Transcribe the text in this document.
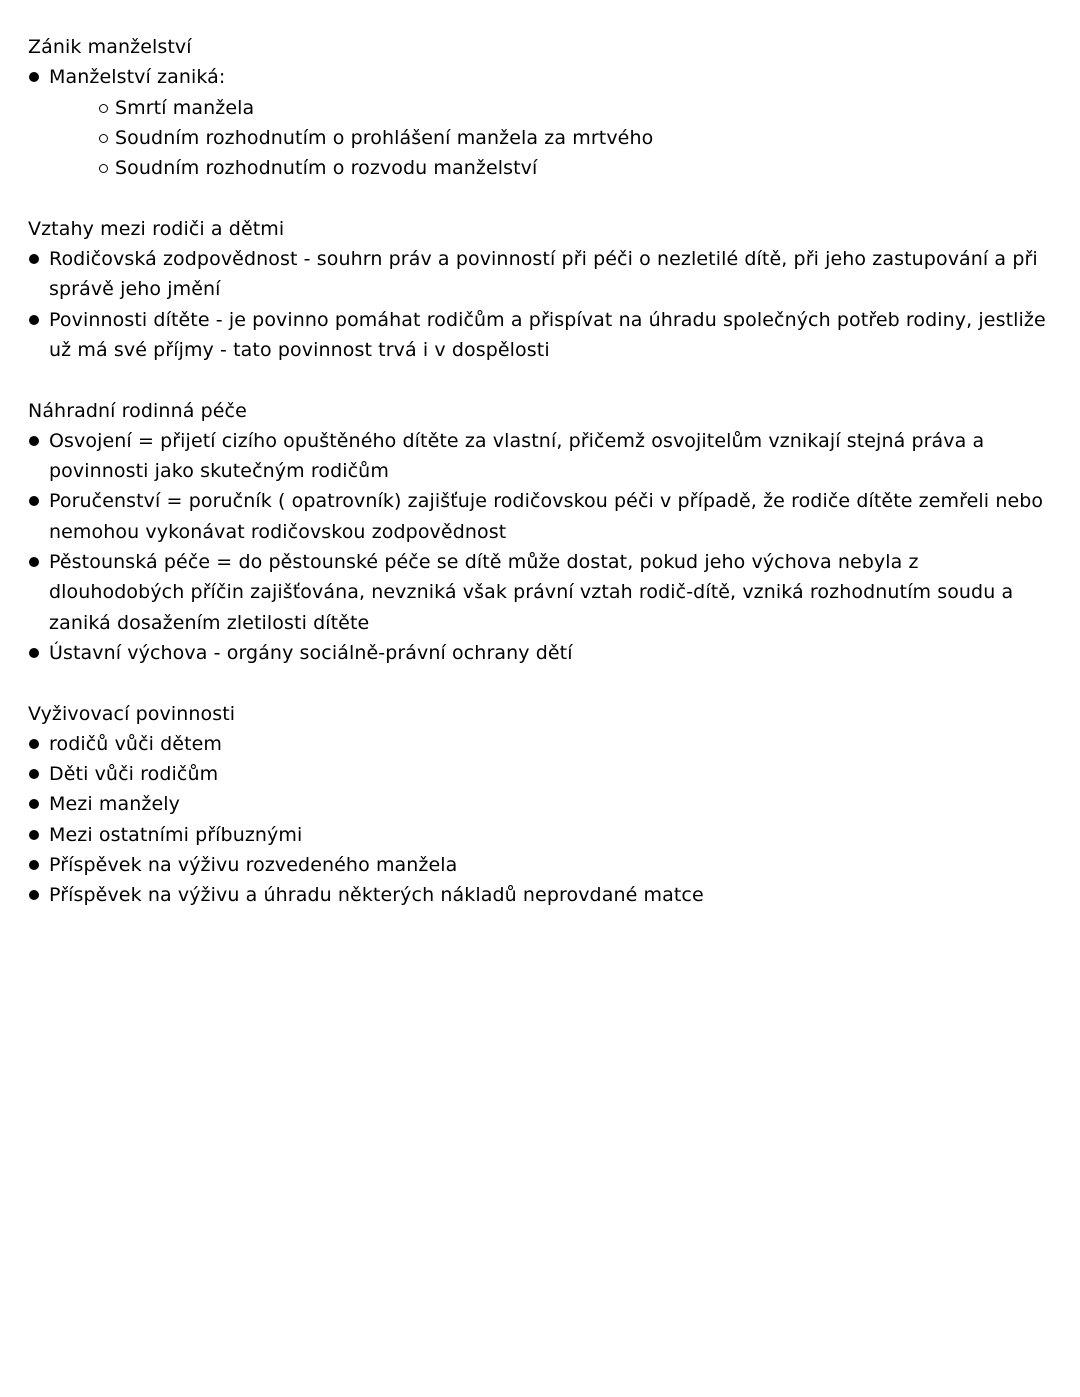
Zánik manželství
Manželství zaniká:
Smrtí manžela
Soudním rozhodnutím o prohlášení manžela za mrtvého
Soudním rozhodnutím o rozvodu manželství
Vztahy mezi rodiči a dětmi
Rodičovská zodpovědnost - souhrn práv a povinností při péči o nezletilé dítě, při jeho zastupování a při správě jeho jmění
Povinnosti dítěte - je povinno pomáhat rodičům a přispívat na úhradu společných potřeb rodiny, jestliže už má své příjmy - tato povinnost trvá i v dospělosti
Náhradní rodinná péče
Osvojení = přijetí cizího opuštěného dítěte za vlastní, přičemž osvojitelům vznikají stejná práva a povinnosti jako skutečným rodičům
Poručenství = poručník ( opatrovník) zajišťuje rodičovskou péči v případě, že rodiče dítěte zemřeli nebo nemohou vykonávat rodičovskou zodpovědnost
Pěstounská péče = do pěstounské péče se dítě může dostat, pokud jeho výchova nebyla z dlouhodobých příčin zajišťována, nevzniká však právní vztah rodič-dítě, vzniká rozhodnutím soudu a zaniká dosažením zletilosti dítěte
Ústavní výchova - orgány sociálně-právní ochrany dětí
Vyživovací povinnosti
rodičů vůči dětem
Děti vůči rodičům
Mezi manžely
Mezi ostatními příbuznými
Příspěvek na výživu rozvedeného manžela
Příspěvek na výživu a úhradu některých nákladů neprovdané matce
